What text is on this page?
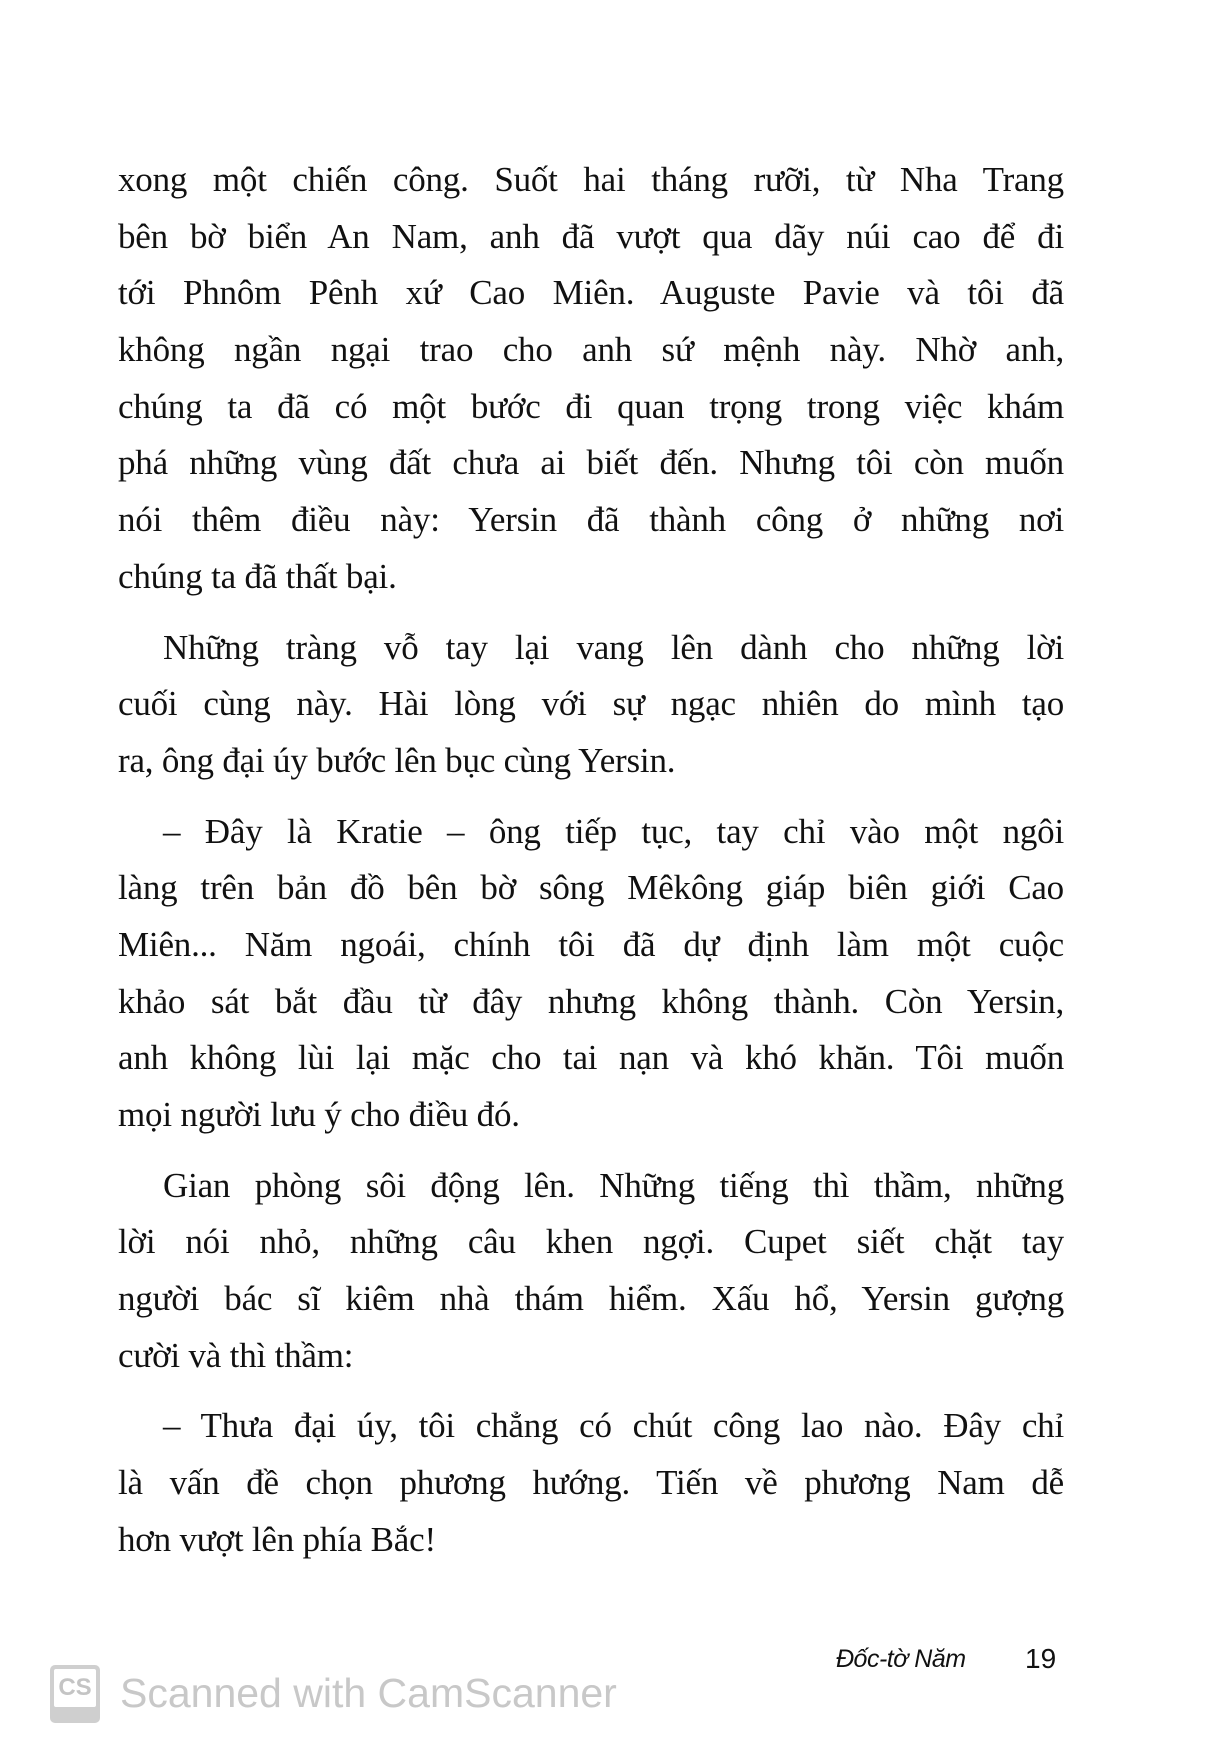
xong một chiến công. Suốt hai tháng rưỡi, từ Nha Trang
bên bờ biển An Nam, anh đã vượt qua dãy núi cao để đi
tới Phnôm Pênh xứ Cao Miên. Auguste Pavie và tôi đã
không ngần ngại trao cho anh sứ mệnh này. Nhờ anh,
chúng ta đã có một bước đi quan trọng trong việc khám
phá những vùng đất chưa ai biết đến. Nhưng tôi còn muốn
nói thêm điều này: Yersin đã thành công ở những nơi
chúng ta đã thất bại.
Những tràng vỗ tay lại vang lên dành cho những lời
cuối cùng này. Hài lòng với sự ngạc nhiên do mình tạo
ra, ông đại úy bước lên bục cùng Yersin.
– Đây là Kratie – ông tiếp tục, tay chỉ vào một ngôi
làng trên bản đồ bên bờ sông Mêkông giáp biên giới Cao
Miên... Năm ngoái, chính tôi đã dự định làm một cuộc
khảo sát bắt đầu từ đây nhưng không thành. Còn Yersin,
anh không lùi lại mặc cho tai nạn và khó khăn. Tôi muốn
mọi người lưu ý cho điều đó.
Gian phòng sôi động lên. Những tiếng thì thầm, những
lời nói nhỏ, những câu khen ngợi. Cupet siết chặt tay
người bác sĩ kiêm nhà thám hiểm. Xấu hổ, Yersin gượng
cười và thì thầm:
– Thưa đại úy, tôi chẳng có chút công lao nào. Đây chỉ
là vấn đề chọn phương hướng. Tiến về phương Nam dễ
hơn vượt lên phía Bắc!
Đốc-tờ Năm 19
CS Scanned with CamScanner
